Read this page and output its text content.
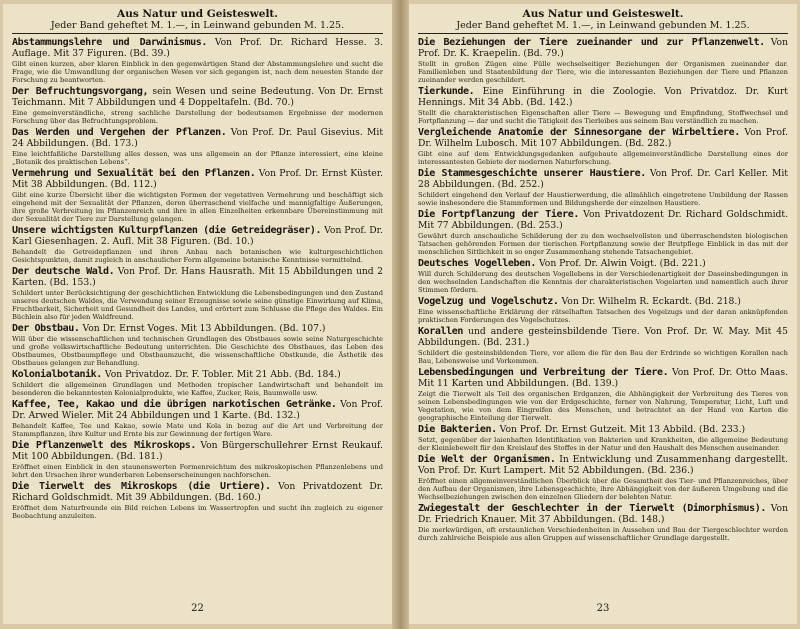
Aus Natur und Geisteswelt.
Jeder Band geheftet M. 1.—, in Leinwand gebunden M. 1.25.
Abstammungslehre und Darwinismus. Von Prof. Dr. Richard Hesse. 3. Auflage. Mit 37 Figuren. (Bd. 39.)
Gibt einen kurzen, aber klaren Einblick in den gegenwärtigen Stand der Abstammungslehre und sucht die Frage, wie die Umwandlung der organischen Wesen vor sich gegangen ist, nach dem neuesten Stande der Forschung zu beantworten.
Der Befruchtungsvorgang, sein Wesen und seine Bedeutung. Von Dr. Ernst Teichmann. Mit 7 Abbildungen und 4 Doppeltafeln. (Bd. 70.)
Eine gemeinverständliche, streng sachliche Darstellung der bedeutsamen Ergebnisse der modernen Forschung über das Befruchtungsproblem.
Das Werden und Vergehen der Pflanzen. Von Prof. Dr. Paul Gisevius. Mit 24 Abbildungen. (Bd. 173.)
Eine leichtfaßliche Darstellung alles dessen, was uns allgemein an der Pflanze interessiert, eine kleine „Botanik des praktischen Lebens“.
Vermehrung und Sexualität bei den Pflanzen. Von Prof. Dr. Ernst Küster. Mit 38 Abbildungen. (Bd. 112.)
Gibt eine kurze Übersicht über die wichtigsten Formen der vegetativen Vermehrung und beschäftigt sich eingehend mit der Sexualität der Pflanzen, deren überraschend vielfache und mannigfaltige Äußerungen, ihre große Verbreitung im Pflanzenreich und ihre in allen Einzelheiten erkennbare Übereinstimmung mit der Sexualität der Tiere zur Darstellung gelangen.
Unsere wichtigsten Kulturpflanzen (die Getreidegräser). Von Prof. Dr. Karl Giesenhagen. 2. Aufl. Mit 38 Figuren. (Bd. 10.)
Behandelt die Getreidepflanzen und ihren Anbau nach botanischen wie kulturgeschichtlichen Gesichtspunkten, damit zugleich in anschaulicher Form allgemeine botanische Kenntnisse vermittelnd.
Der deutsche Wald. Von Prof. Dr. Hans Hausrath. Mit 15 Abbildungen und 2 Karten. (Bd. 153.)
Schildert unter Berücksichtigung der geschichtlichen Entwicklung die Lebensbedingungen und den Zustand unseres deutschen Waldes, die Verwendung seiner Erzeugnisse sowie seine günstige Einwirkung auf Klima, Fruchtbarkeit, Sicherheit und Gesundheit des Landes, und erörtert zum Schlusse die Pflege des Waldes. Ein Büchlein also für jeden Waldfreund.
Der Obstbau. Von Dr. Ernst Voges. Mit 13 Abbildungen. (Bd. 107.)
Will über die wissenschaftlichen und technischen Grundlagen des Obstbaues sowie seine Naturgeschichte und große volkswirtschaftliche Bedeutung unterrichten. Die Geschichte des Obstbaues, das Leben des Obstbaumes, Obstbaumpflege und Obstbaumzucht, die wissenschaftliche Obstkunde, die Ästhetik des Obstbaues gelangen zur Behandlung.
Kolonialbotanik. Von Privatdoz. Dr. F. Tobler. Mit 21 Abb. (Bd. 184.)
Schildert die allgemeinen Grundlagen und Methoden tropischer Landwirtschaft und behandelt im besonderen die bekanntesten Kolonialprodukte, wie Kaffee, Zucker, Reis, Baumwolle usw.
Kaffee, Tee, Kakao und die übrigen narkotischen Getränke. Von Prof. Dr. Arwed Wieler. Mit 24 Abbildungen und 1 Karte. (Bd. 132.)
Behandelt Kaffee, Tee und Kakao, sowie Mate und Kola in bezug auf die Art und Verbreitung der Stammpflanzen, ihre Kultur und Ernte bis zur Gewinnung der fertigen Ware.
Die Pflanzenwelt des Mikroskops. Von Bürgerschullehrer Ernst Reukauf. Mit 100 Abbildungen. (Bd. 181.)
Eröffnet einen Einblick in den staunenswerten Formenreichtum des mikroskopischen Pflanzenlebens und lehrt den Ursachen ihrer wunderbaren Lebenserscheinungen nachforschen.
Die Tierwelt des Mikroskops (die Urtiere). Von Privatdozent Dr. Richard Goldschmidt. Mit 39 Abbildungen. (Bd. 160.)
Eröffnet dem Naturfreunde ein Bild reichen Lebens im Wassertropfen und sucht ihn zugleich zu eigener Beobachtung anzuleiten.
22
Aus Natur und Geisteswelt.
Jeder Band geheftet M. 1.—, in Leinwand gebunden M. 1.25.
Die Beziehungen der Tiere zueinander und zur Pflanzenwelt. Von Prof. Dr. K. Kraepelin. (Bd. 79.)
Stellt in großen Zügen eine Fülle wechselseitiger Beziehungen der Organismen zueinander dar. Familienleben und Staatenbildung der Tiere, wie die interessanten Beziehungen der Tiere und Pflanzen zueinander werden geschildert.
Tierkunde. Eine Einführung in die Zoologie. Von Privatdoz. Dr. Kurt Hennings. Mit 34 Abb. (Bd. 142.)
Stellt die charakteristischen Eigenschaften aller Tiere — Bewegung und Empfindung, Stoffwechsel und Fortpflanzung — dar und sucht die Tätigkeit des Tierleibes aus seinem Bau verständlich zu machen.
Vergleichende Anatomie der Sinnesorgane der Wirbeltiere. Von Prof. Dr. Wilhelm Lubosch. Mit 107 Abbildungen. (Bd. 282.)
Gibt eine auf dem Entwicklungsgedanken aufgebaute allgemeinverständliche Darstellung eines der interessantesten Gebiete der modernen Naturforschung.
Die Stammesgeschichte unserer Haustiere. Von Prof. Dr. Carl Keller. Mit 28 Abbildungen. (Bd. 252.)
Schildert eingehend den Verlauf der Haustierwerdung, die allmählich eingetretene Umbildung der Rassen sowie insbesondere die Stammformen und Bildungsherde der einzelnen Haustiere.
Die Fortpflanzung der Tiere. Von Privatdozent Dr. Richard Goldschmidt. Mit 77 Abbildungen. (Bd. 253.)
Gewährt durch anschauliche Schilderung der zu den wechselvollsten und überraschendsten biologischen Tatsachen gehörenden Formen der tierischen Fortpflanzung sowie der Brutpflege Einblick in das mit der menschlichen Sittlichkeit in so enger Zusammenhang stehende Tatsachengebiet.
Deutsches Vogelleben. Von Prof. Dr. Alwin Voigt. (Bd. 221.)
Will durch Schilderung des deutschen Vogellebens in der Verschiedenartigkeit der Daseinsbedingungen in den wechselnden Landschaften die Kenntnis der charakteristischen Vogelarten und namentlich auch ihrer Stimmen fördern.
Vogelzug und Vogelschutz. Von Dr. Wilhelm R. Eckardt. (Bd. 218.)
Eine wissenschaftliche Erklärung der rätselhaften Tatsachen des Vogelzugs und der daran anknüpfenden praktischen Forderungen des Vogelschutzes.
Korallen und andere gesteinsbildende Tiere. Von Prof. Dr. W. May. Mit 45 Abbildungen. (Bd. 231.)
Schildert die gesteinsbildenden Tiere, vor allem die für den Bau der Erdrinde so wichtigen Korallen nach Bau, Lebensweise und Vorkommen.
Lebensbedingungen und Verbreitung der Tiere. Von Prof. Dr. Otto Maas. Mit 11 Karten und Abbildungen. (Bd. 139.)
Zeigt die Tierwelt als Teil des organischen Erdganzen, die Abhängigkeit der Verbreitung des Tieres von seinen Lebensbedingungen wie von der Erdgeschichte, ferner von Nahrung, Temperatur, Licht, Luft und Vegetation, wie von dem Eingreifen des Menschen, und betrachtet an der Hand von Karten die geographische Einteilung der Tierwelt.
Die Bakterien. Von Prof. Dr. Ernst Gutzeit. Mit 13 Abbild. (Bd. 233.)
Setzt, gegenüber der laienhaften Identifikation von Bakterien und Krankheiten, die allgemeine Bedeutung der Kleinlebewelt für den Kreislauf des Stoffes in der Natur und den Haushalt des Menschen auseinander.
Die Welt der Organismen. In Entwicklung und Zusammenhang dargestellt. Von Prof. Dr. Kurt Lampert. Mit 52 Abbildungen. (Bd. 236.)
Eröffnet einen allgemeinverständlichen Überblick über die Gesamtheit des Tier- und Pflanzenreiches, über den Aufbau der Organismen, ihre Lebensgeschichte, ihre Abhängigkeit von der äußeren Umgebung und die Wechselbeziehungen zwischen den einzelnen Gliedern der belebten Natur.
Zwiegestalt der Geschlechter in der Tierwelt (Dimorphismus). Von Dr. Friedrich Knauer. Mit 37 Abbildungen. (Bd. 148.)
Die merkwürdigen, oft erstaunlichen Verschiedenheiten in Aussehen und Bau der Tiergeschlechter werden durch zahlreiche Beispiele aus allen Gruppen auf wissenschaftlicher Grundlage dargestellt.
23
